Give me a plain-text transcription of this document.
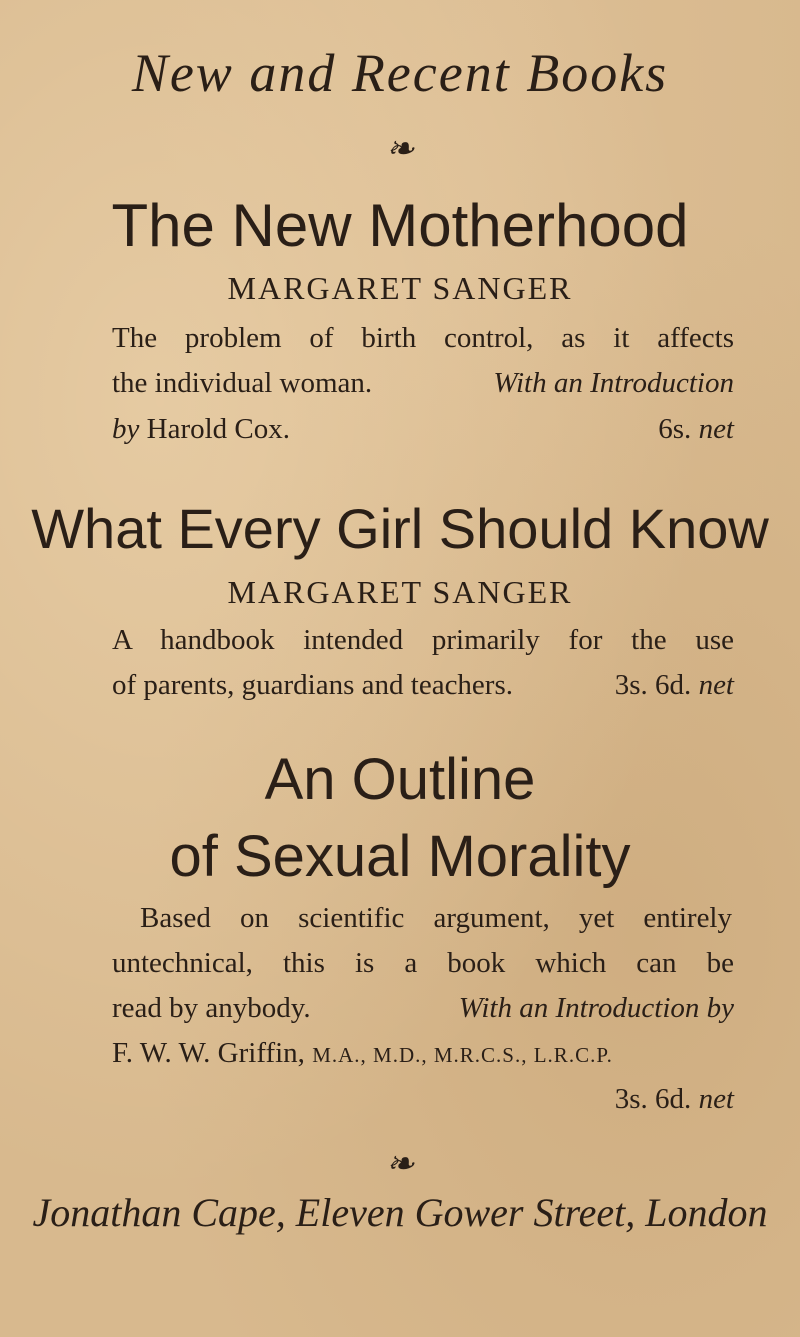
New and Recent Books
❧
The New Motherhood
MARGARET SANGER
The problem of birth control, as it affects
the individual woman.	With an Introduction
by Harold Cox.	6s. net
What Every Girl Should Know
MARGARET SANGER
A handbook intended primarily for the use
of parents, guardians and teachers.	3s. 6d. net
An Outline
of Sexual Morality
Based on scientific argument, yet entirely
untechnical, this is a book which can be
read by anybody.	With an Introduction by
F. W. W. Griffin, M.A., M.D., M.R.C.S., L.R.C.P.
3s. 6d. net
❧
Jonathan Cape, Eleven Gower Street, London
